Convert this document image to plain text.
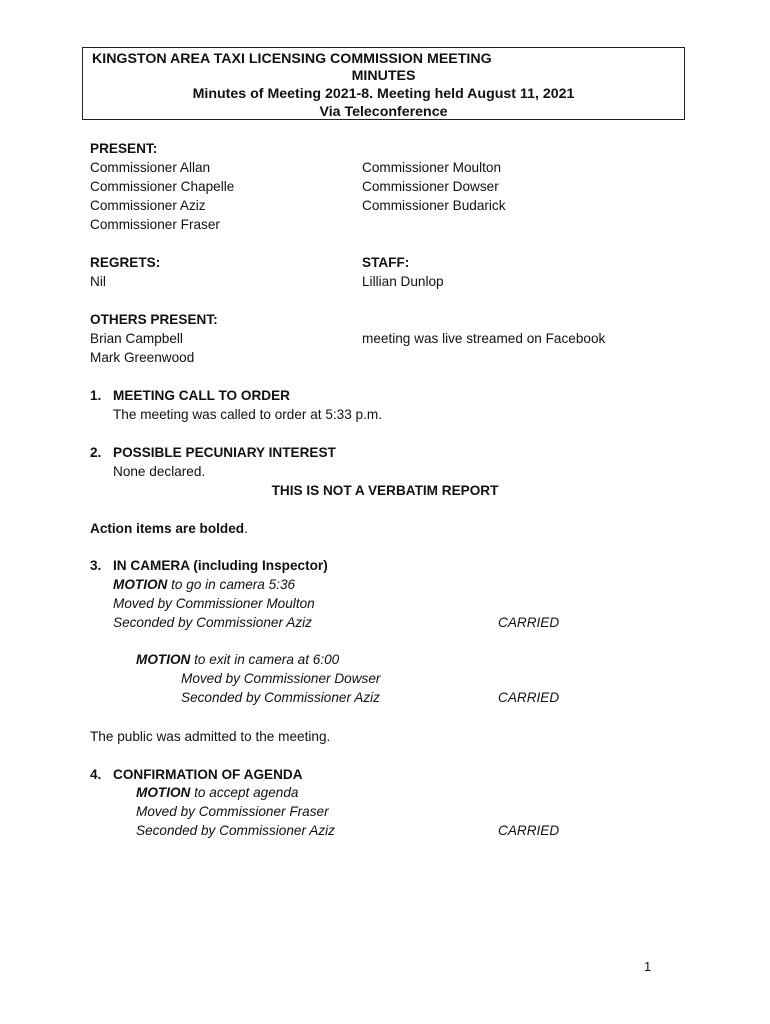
KINGSTON AREA TAXI LICENSING COMMISSION MEETING
MINUTES
Minutes of Meeting 2021-8. Meeting held August 11, 2021
Via Teleconference
PRESENT:
Commissioner Allan
Commissioner Chapelle
Commissioner Aziz
Commissioner Fraser
Commissioner Moulton
Commissioner Dowser
Commissioner Budarick
REGRETS:
Nil
STAFF:
Lillian Dunlop
OTHERS PRESENT:
Brian Campbell
Mark Greenwood
meeting was live streamed on Facebook
1. MEETING CALL TO ORDER
The meeting was called to order at 5:33 p.m.
2. POSSIBLE PECUNIARY INTEREST
None declared.
THIS IS NOT A VERBATIM REPORT
Action items are bolded.
3. IN CAMERA (including Inspector)
MOTION to go in camera 5:36
Moved by Commissioner Moulton
Seconded by Commissioner Aziz	CARRIED
MOTION to exit in camera at 6:00
Moved by Commissioner Dowser
Seconded by Commissioner Aziz	CARRIED
The public was admitted to the meeting.
4. CONFIRMATION OF AGENDA
MOTION to accept agenda
Moved by Commissioner Fraser
Seconded by Commissioner Aziz	CARRIED
1
